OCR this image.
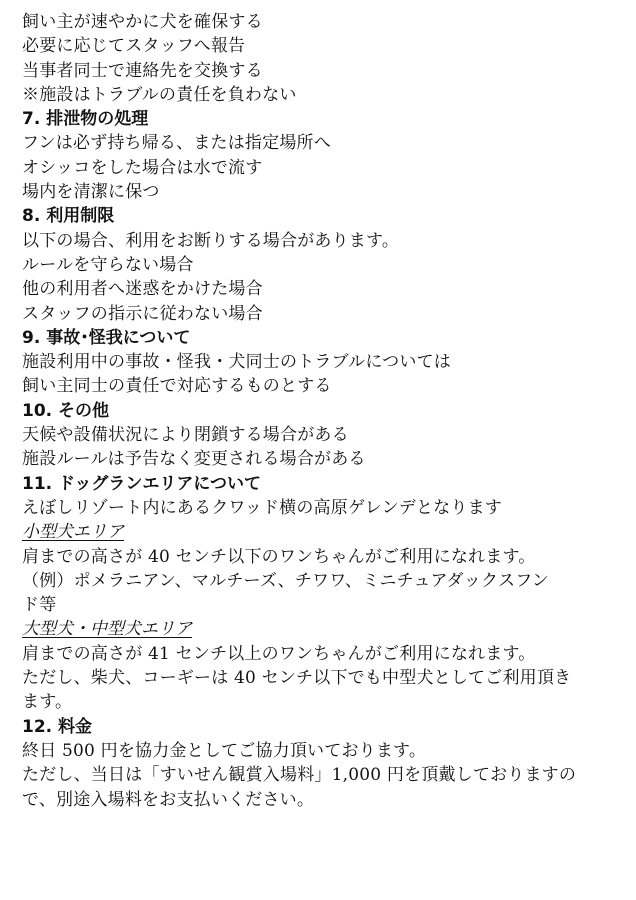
飼い主が速やかに犬を確保する
必要に応じてスタッフへ報告
当事者同士で連絡先を交換する
※施設はトラブルの責任を負わない
7. 排泄物の処理
フンは必ず持ち帰る、または指定場所へ
オシッコをした場合は水で流す
場内を清潔に保つ
8. 利用制限
以下の場合、利用をお断りする場合があります。
ルールを守らない場合
他の利用者へ迷惑をかけた場合
スタッフの指示に従わない場合
9. 事故･怪我について
施設利用中の事故・怪我・犬同士のトラブルについては
飼い主同士の責任で対応するものとする
10. その他
天候や設備状況により閉鎖する場合がある
施設ルールは予告なく変更される場合がある
11. ドッグランエリアについて
えぼしリゾート内にあるクワッド横の高原ゲレンデとなります
小型犬エリア
肩までの高さが 40 センチ以下のワンちゃんがご利用になれます。
（例）ポメラニアン、マルチーズ、チワワ、ミニチュアダックスフン
ド等
大型犬・中型犬エリア
肩までの高さが 41 センチ以上のワンちゃんがご利用になれます。
ただし、柴犬、コーギーは 40 センチ以下でも中型犬としてご利用頂き
ます。
12. 料金
終日 500 円を協力金としてご協力頂いております。
ただし、当日は「すいせん観賞入場料」1,000 円を頂戴しておりますの
で、別途入場料をお支払いください。
